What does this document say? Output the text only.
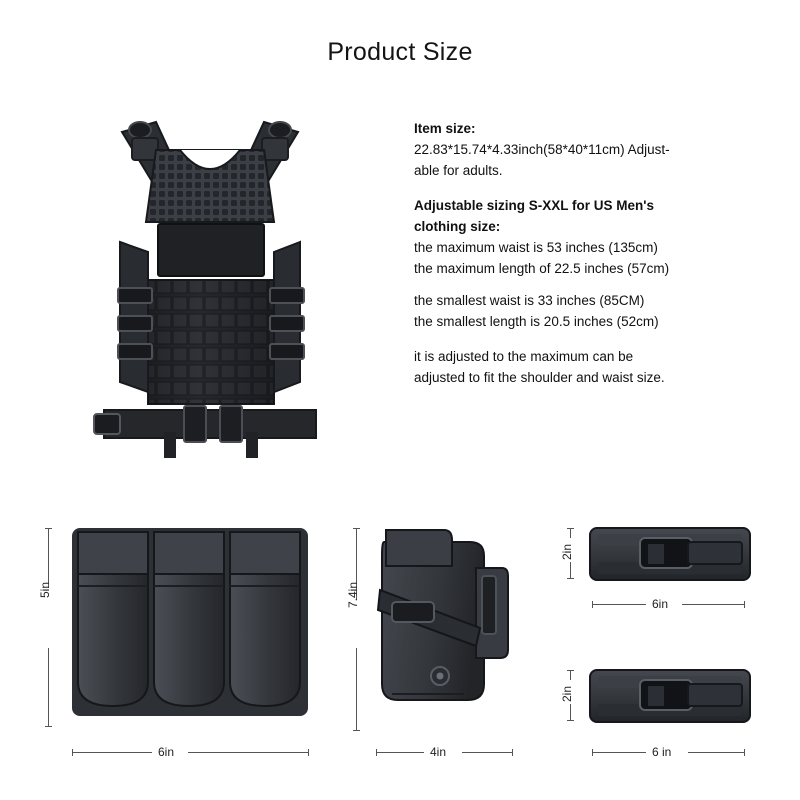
Product Size
Item size:
22.83*15.74*4.33inch(58*40*11cm) Adjust-
able for adults.
Adjustable sizing S-XXL for US Men's
clothing size:
the maximum waist is 53 inches (135cm)
the maximum length of 22.5 inches (57cm)
the smallest waist is 33 inches (85CM)
the smallest length is 20.5 inches (52cm)
it is adjusted to the maximum can be
adjusted to fit the shoulder and waist size.
5in
6in
7.4in
4in
2in
6in
2in
6 in
